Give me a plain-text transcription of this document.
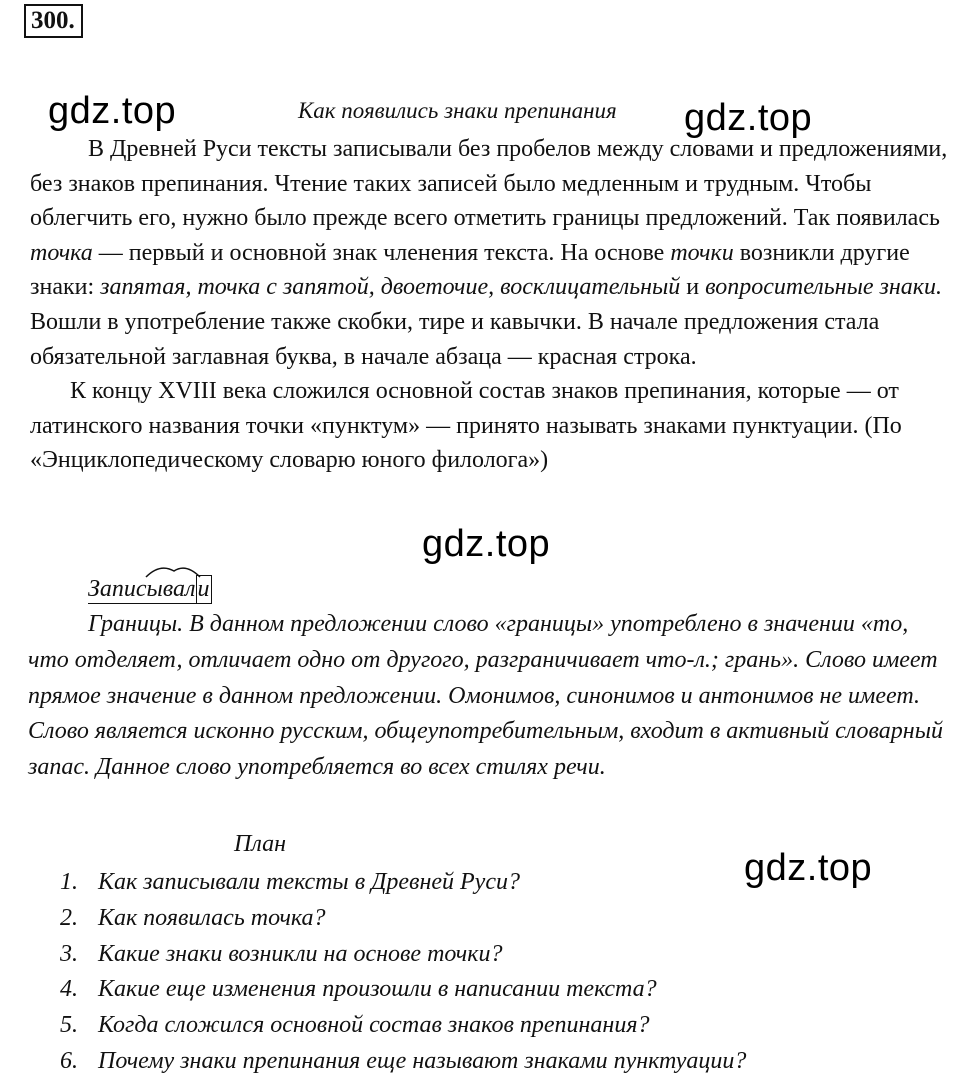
300.
gdz.top	gdz.top
gdz.top
gdz.top
Как появились знаки препинания

В Древней Руси тексты записывали без пробелов между словами и предложениями, без знаков препинания. Чтение таких записей было медленным и трудным. Чтобы облегчить его, нужно было прежде всего отметить границы предложений. Так появилась точка — первый и основной знак членения текста. На основе точки возникли другие знаки: запятая, точка с запятой, двоеточие, восклицательный и вопросительные знаки. Вошли в употребление также скобки, тире и кавычки. В начале предложения стала обязательной заглавная буква, в начале абзаца — красная строка.

К концу XVIII века сложился основной состав знаков препинания, которые — от латинского названия точки «пунктум» — принято называть знаками пунктуации. (По «Энциклопедическому словарю юного филолога»)

Записывали

Границы. В данном предложении слово «границы» употреблено в значении «то, что отделяет, отличает одно от другого, разграничивает что-л.; грань». Слово имеет прямое значение в данном предложении. Омонимов, синонимов и антонимов не имеет. Слово является исконно русским, общеупотребительным, входит в активный словарный запас. Данное слово употребляется во всех стилях речи.

План
1. Как записывали тексты в Древней Руси?
2. Как появилась точка?
3. Какие знаки возникли на основе точки?
4. Какие еще изменения произошли в написании текста?
5. Когда сложился основной состав знаков препинания?
6. Почему знаки препинания еще называют знаками пунктуации?
